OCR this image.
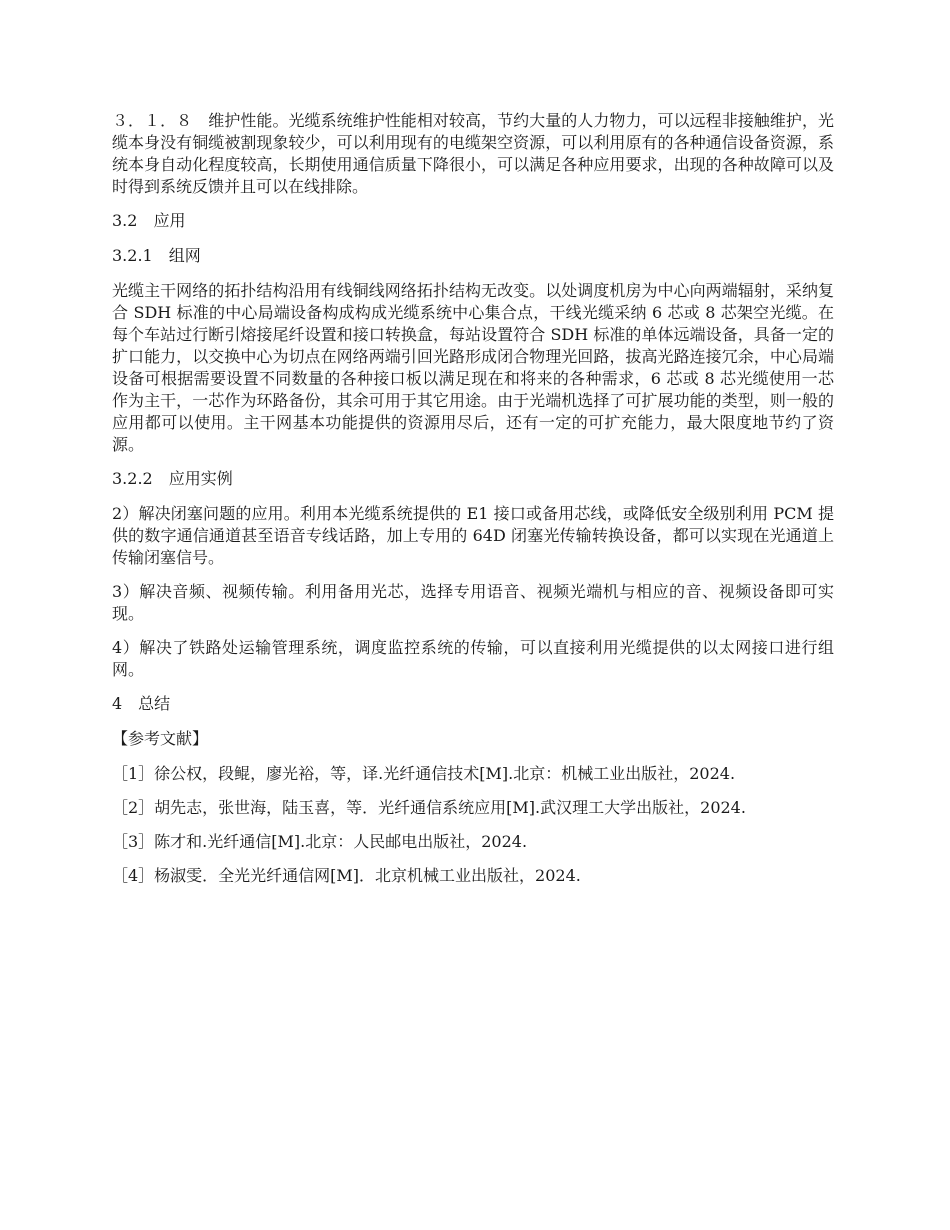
３．１．８　维护性能。光缆系统维护性能相对较高，节约大量的人力物力，可以远程非接触维护，光缆本身没有铜缆被割现象较少，可以利用现有的电缆架空资源，可以利用原有的各种通信设备资源，系统本身自动化程度较高，长期使用通信质量下降很小，可以满足各种应用要求，出现的各种故障可以及时得到系统反馈并且可以在线排除。

3.2　应用

3.2.1　组网

光缆主干网络的拓扑结构沿用有线铜线网络拓扑结构无改变。以处调度机房为中心向两端辐射，采纳复合 SDH 标准的中心局端设备构成构成光缆系统中心集合点，干线光缆采纳 6 芯或 8 芯架空光缆。在每个车站过行断引熔接尾纤设置和接口转换盒，每站设置符合 SDH 标准的单体远端设备，具备一定的扩口能力，以交换中心为切点在网络两端引回光路形成闭合物理光回路，拔高光路连接冗余，中心局端设备可根据需要设置不同数量的各种接口板以满足现在和将来的各种需求，6 芯或 8 芯光缆使用一芯作为主干，一芯作为环路备份，其余可用于其它用途。由于光端机选择了可扩展功能的类型，则一般的应用都可以使用。主干网基本功能提供的资源用尽后，还有一定的可扩充能力，最大限度地节约了资源。

3.2.2　应用实例

2）解决闭塞问题的应用。利用本光缆系统提供的 E1 接口或备用芯线，或降低安全级别利用 PCM 提供的数字通信通道甚至语音专线话路，加上专用的 64D 闭塞光传输转换设备，都可以实现在光通道上传输闭塞信号。

3）解决音频、视频传输。利用备用光芯，选择专用语音、视频光端机与相应的音、视频设备即可实现。

4）解决了铁路处运输管理系统，调度监控系统的传输，可以直接利用光缆提供的以太网接口进行组网。

4　总结

【参考文献】

［1］徐公权，段鲲，廖光裕，等，译.光纤通信技术[M].北京：机械工业出版社，2024.

［2］胡先志，张世海，陆玉喜，等．光纤通信系统应用[M].武汉理工大学出版社，2024.

［3］陈才和.光纤通信[M].北京：人民邮电出版社，2024.

［4］杨淑雯．全光光纤通信网[M]．北京机械工业出版社，2024.
